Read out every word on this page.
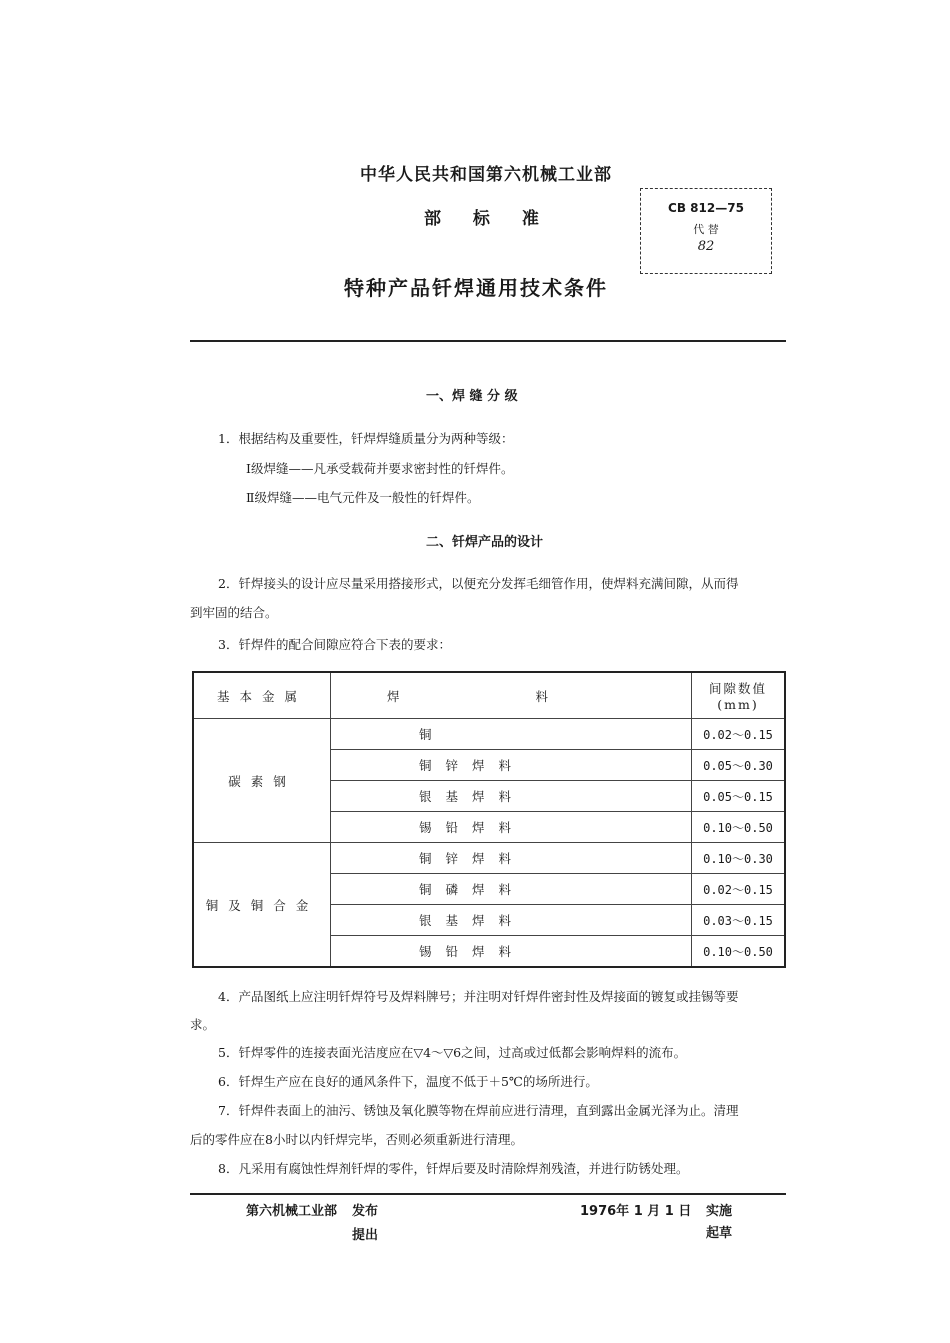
中华人民共和国第六机械工业部
部 标 准
特种产品钎焊通用技术条件
CB 812—75
代 替
82
一、焊 缝 分 级
1．根据结构及重要性，钎焊焊缝质量分为两种等级：
Ⅰ级焊缝——凡承受载荷并要求密封性的钎焊件。
Ⅱ级焊缝——电气元件及一般性的钎焊件。
二、钎焊产品的设计
2．钎焊接头的设计应尽量采用搭接形式，以便充分发挥毛细管作用，使焊料充满间隙，从而得
到牢固的结合。
3．钎焊件的配合间隙应符合下表的要求：
基本金属	焊 料	间隙数值(mm)
碳素钢	铜	0.02～0.15
	铜锌焊料	0.05～0.30
	银基焊料	0.05～0.15
	锡铅焊料	0.10～0.50
铜及铜合金	铜锌焊料	0.10～0.30
	铜磷焊料	0.02～0.15
	银基焊料	0.03～0.15
	锡铅焊料	0.10～0.50
4．产品图纸上应注明钎焊符号及焊料牌号；并注明对钎焊件密封性及焊接面的镀复或挂锡等要
求。
5．钎焊零件的连接表面光洁度应在▽4～▽6之间，过高或过低都会影响焊料的流布。
6．钎焊生产应在良好的通风条件下，温度不低于＋5℃的场所进行。
7．钎焊件表面上的油污、锈蚀及氧化膜等物在焊前应进行清理，直到露出金属光泽为止。清理
后的零件应在8小时以内钎焊完毕，否则必须重新进行清理。
8．凡采用有腐蚀性焊剂钎焊的零件，钎焊后要及时清除焊剂残渣，并进行防锈处理。
第六机械工业部 发布
提出
1976年 1 月 1 日 实施
起草
